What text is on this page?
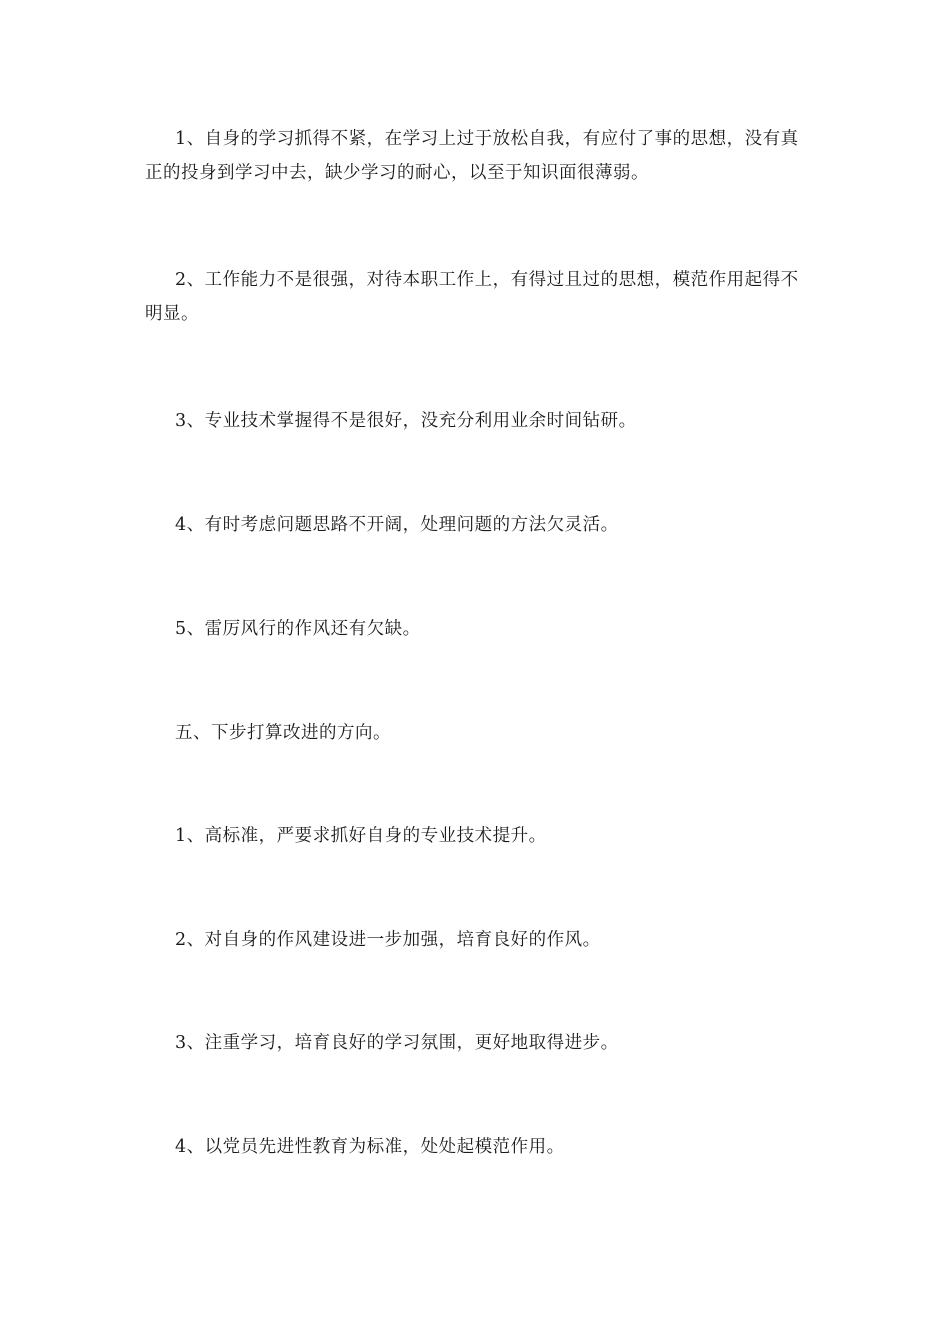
1、自身的学习抓得不紧，在学习上过于放松自我，有应付了事的思想，没有真正的投身到学习中去，缺少学习的耐心，以至于知识面很薄弱。

2、工作能力不是很强，对待本职工作上，有得过且过的思想，模范作用起得不明显。

3、专业技术掌握得不是很好，没充分利用业余时间钻研。

4、有时考虑问题思路不开阔，处理问题的方法欠灵活。

5、雷厉风行的作风还有欠缺。

五、下步打算改进的方向。

1、高标准，严要求抓好自身的专业技术提升。

2、对自身的作风建设进一步加强，培育良好的作风。

3、注重学习，培育良好的学习氛围，更好地取得进步。

4、以党员先进性教育为标准，处处起模范作用。
